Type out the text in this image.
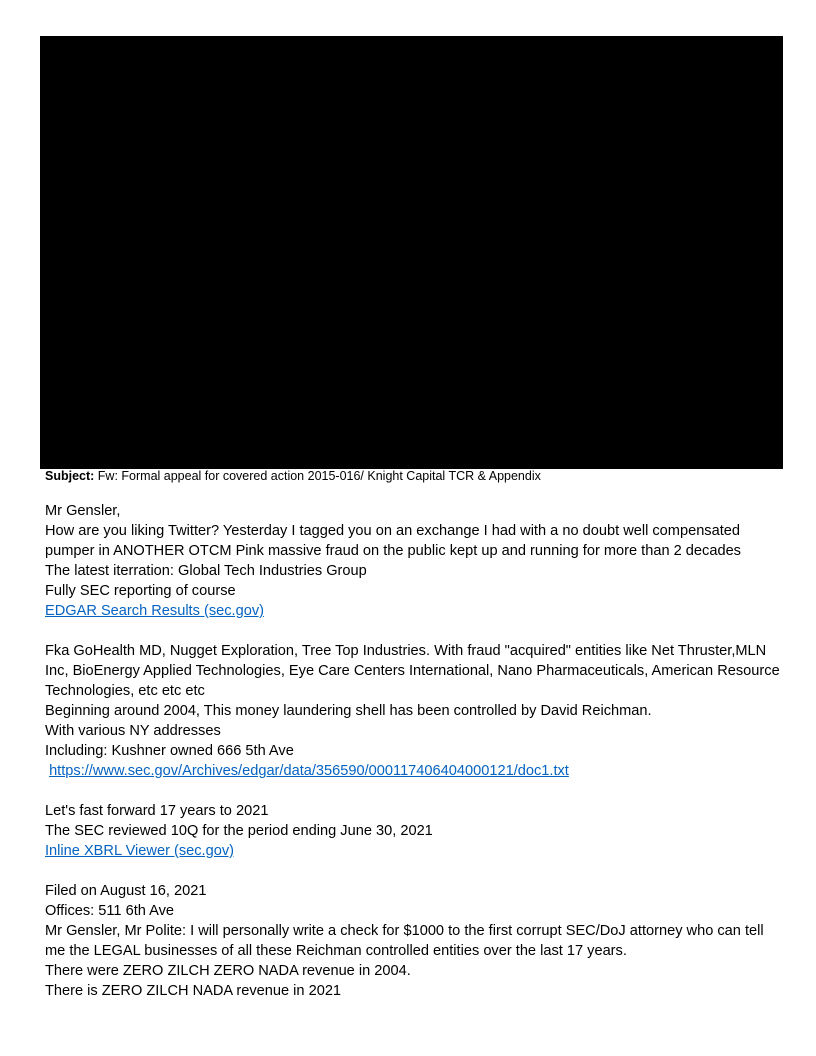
Subject: Fw: Formal appeal for covered action 2015-016/ Knight Capital TCR & Appendix
Mr Gensler,
How are you liking Twitter? Yesterday I tagged you on an exchange I had with a no doubt well compensated pumper in ANOTHER OTCM Pink massive fraud on the public kept up and running for more than 2 decades
The latest iterration: Global Tech Industries Group
Fully SEC reporting of course
EDGAR Search Results (sec.gov)
Fka GoHealth MD, Nugget Exploration, Tree Top Industries. With fraud "acquired" entities like Net Thruster,MLN Inc, BioEnergy Applied Technologies, Eye Care Centers International, Nano Pharmaceuticals, American Resource Technologies, etc etc etc
Beginning around 2004, This money laundering shell has been controlled by David Reichman.
With various NY addresses
Including: Kushner owned 666 5th Ave
https://www.sec.gov/Archives/edgar/data/356590/000117406404000121/doc1.txt
Let's fast forward 17 years to 2021
The SEC reviewed 10Q for the period ending June 30, 2021
Inline XBRL Viewer (sec.gov)
Filed on August 16, 2021
Offices: 511 6th Ave
Mr Gensler, Mr Polite: I will personally write a check for $1000 to the first corrupt SEC/DoJ attorney who can tell me the LEGAL businesses of all these Reichman controlled entities over the last 17 years.
There were ZERO ZILCH ZERO NADA revenue in 2004.
There is ZERO ZILCH NADA revenue in 2021
